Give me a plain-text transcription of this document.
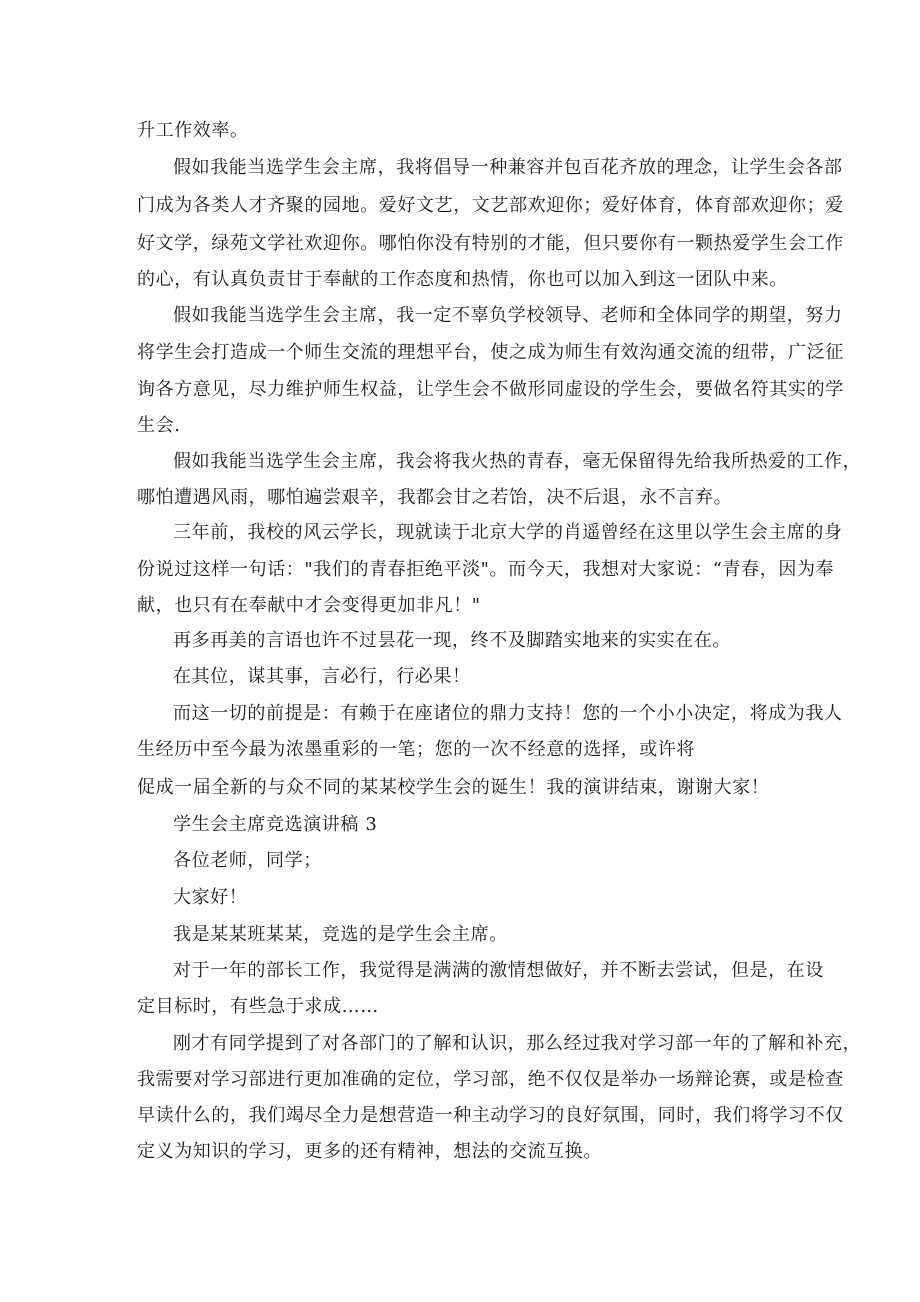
升工作效率。
假如我能当选学生会主席，我将倡导一种兼容并包百花齐放的理念，让学生会各部
门成为各类人才齐聚的园地。爱好文艺，文艺部欢迎你；爱好体育，体育部欢迎你；爱
好文学，绿苑文学社欢迎你。哪怕你没有特别的才能，但只要你有一颗热爱学生会工作
的心，有认真负责甘于奉献的工作态度和热情，你也可以加入到这一团队中来。
假如我能当选学生会主席，我一定不辜负学校领导、老师和全体同学的期望，努力
将学生会打造成一个师生交流的理想平台，使之成为师生有效沟通交流的纽带，广泛征
询各方意见，尽力维护师生权益，让学生会不做形同虚设的学生会，要做名符其实的学
生会.
假如我能当选学生会主席，我会将我火热的青春，毫无保留得先给我所热爱的工作，
哪怕遭遇风雨，哪怕遍尝艰辛，我都会甘之若饴，决不后退，永不言弃。
三年前，我校的风云学长，现就读于北京大学的肖遥曾经在这里以学生会主席的身
份说过这样一句话："我们的青春拒绝平淡"。而今天，我想对大家说：“青春，因为奉
献，也只有在奉献中才会变得更加非凡！"
再多再美的言语也许不过昙花一现，终不及脚踏实地来的实实在在。
在其位，谋其事，言必行，行必果！
而这一切的前提是：有赖于在座诸位的鼎力支持！您的一个小小决定，将成为我人
生经历中至今最为浓墨重彩的一笔；您的一次不经意的选择，或许将
促成一届全新的与众不同的某某校学生会的诞生！我的演讲结束，谢谢大家！
学生会主席竞选演讲稿 3
各位老师，同学；
大家好！
我是某某班某某，竞选的是学生会主席。
对于一年的部长工作，我觉得是满满的激情想做好，并不断去尝试，但是，在设
定目标时，有些急于求成……
刚才有同学提到了对各部门的了解和认识，那么经过我对学习部一年的了解和补充，
我需要对学习部进行更加准确的定位，学习部，绝不仅仅是举办一场辩论赛，或是检查
早读什么的，我们竭尽全力是想营造一种主动学习的良好氛围，同时，我们将学习不仅
定义为知识的学习，更多的还有精神，想法的交流互换。
